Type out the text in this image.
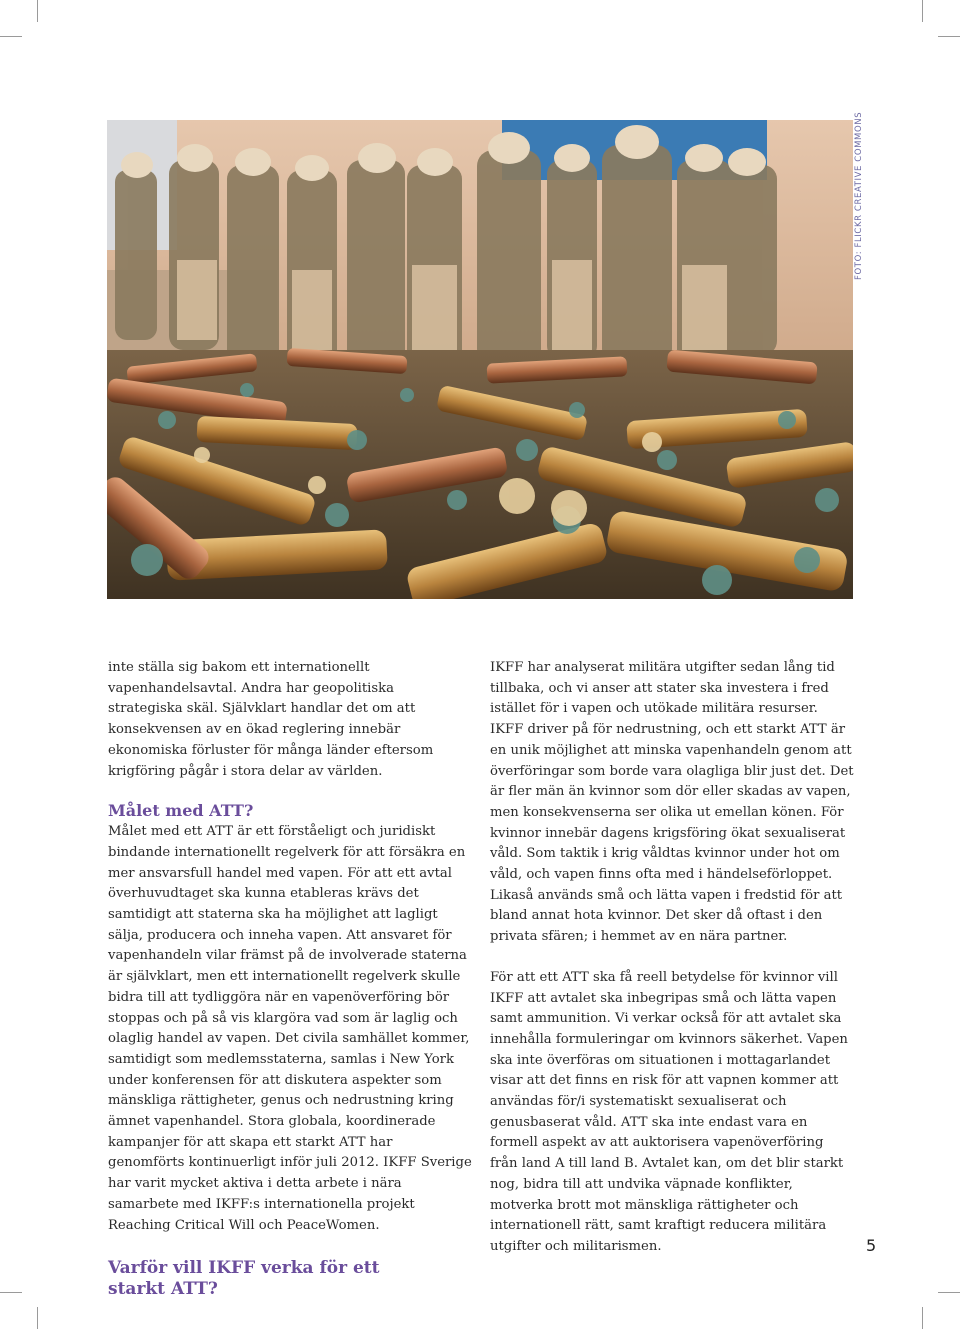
FOTO: FLICKR CREATIVE COMMONS

inte ställa sig bakom ett internationellt vapenhandelsavtal. Andra har geopolitiska strategiska skäl. Självklart handlar det om att konsekvensen av en ökad reglering innebär ekonomiska förluster för många länder eftersom krigföring pågår i stora delar av världen.

Målet med ATT?

Målet med ett ATT är ett förståeligt och juridiskt bindande internationellt regelverk för att försäkra en mer ansvarsfull handel med vapen. För att ett avtal överhuvudtaget ska kunna etableras krävs det samtidigt att staterna ska ha möjlighet att lagligt sälja, producera och inneha vapen. Att ansvaret för vapenhandeln vilar främst på de involverade staterna är självklart, men ett internationellt regelverk skulle bidra till att tydliggöra när en vapenöverföring bör stoppas och på så vis klargöra vad som är laglig och olaglig handel av vapen. Det civila samhället kommer, samtidigt som medlemsstaterna, samlas i New York under konferensen för att diskutera aspekter som mänskliga rättigheter, genus och nedrustning kring ämnet vapenhandel. Stora globala, koordinerade kampanjer för att skapa ett starkt ATT har genomförts kontinuerligt inför juli 2012. IKFF Sverige har varit mycket aktiva i detta arbete i nära samarbete med IKFF:s internationella projekt Reaching Critical Will och PeaceWomen.

Varför vill IKFF verka för ett starkt ATT?

IKFF har analyserat militära utgifter sedan lång tid tillbaka, och vi anser att stater ska investera i fred istället för i vapen och utökade militära resurser. IKFF driver på för nedrustning, och ett starkt ATT är en unik möjlighet att minska vapenhandeln genom att överföringar som borde vara olagliga blir just det. Det är fler män än kvinnor som dör eller skadas av vapen, men konsekvenserna ser olika ut emellan könen. För kvinnor innebär dagens krigsföring ökat sexualiserat våld. Som taktik i krig våldtas kvinnor under hot om våld, och vapen finns ofta med i händelseförloppet. Likaså används små och lätta vapen i fredstid för att bland annat hota kvinnor. Det sker då oftast i den privata sfären; i hemmet av en nära partner.

För att ett ATT ska få reell betydelse för kvinnor vill IKFF att avtalet ska inbegripas små och lätta vapen samt ammunition. Vi verkar också för att avtalet ska innehålla formuleringar om kvinnors säkerhet. Vapen ska inte överföras om situationen i mottagarlandet visar att det finns en risk för att vapnen kommer att användas för/i systematiskt sexualiserat och genusbaserat våld. ATT ska inte endast vara en formell aspekt av att auktorisera vapenöverföring från land A till land B. Avtalet kan, om det blir starkt nog, bidra till att undvika väpnade konflikter, motverka brott mot mänskliga rättigheter och internationell rätt, samt kraftigt reducera militära utgifter och militarismen.	5
